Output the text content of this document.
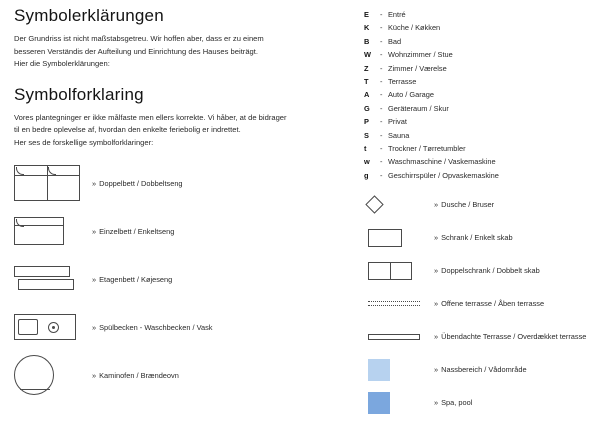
Symbolerklärungen

Der Grundriss ist nicht maßstabsgetreu. Wir hoffen aber, dass er zu einem
besseren Verständis der Aufteilung und Einrichtung des Hauses beiträgt.
Hier die Symbolerklärungen:

Symbolforklaring

Vores plantegninger er ikke målfaste men ellers korrekte. Vi håber, at de bidrager
til en bedre oplevelse af, hvordan den enkelte feriebolig er indrettet.
Her ses de forskellige symbolforklaringer:

» Doppelbett / Dobbeltseng
» Einzelbett / Enkeltseng
» Etagenbett / Køjeseng
» Spülbecken - Waschbecken / Vask
» Kaminofen / Brændeovn
E	- Entré
K	- Küche / Køkken
B	- Bad
W	- Wohnzimmer / Stue
Z	- Zimmer / Værelse
T	- Terrasse
A	- Auto / Garage
G	- Geräteraum / Skur
P	- Privat
S	- Sauna
t	- Trockner / Tørretumbler
w	- Waschmaschine / Vaskemaskine
g	- Geschirrspüler / Opvaskemaskine
» Dusche / Bruser
» Schrank / Enkelt skab
» Doppelschrank / Dobbelt skab
» Offene terrasse / Åben terrasse
» Übendachte Terrasse / Overdækket terrasse
» Nassbereich / Vådområde
» Spa, pool
